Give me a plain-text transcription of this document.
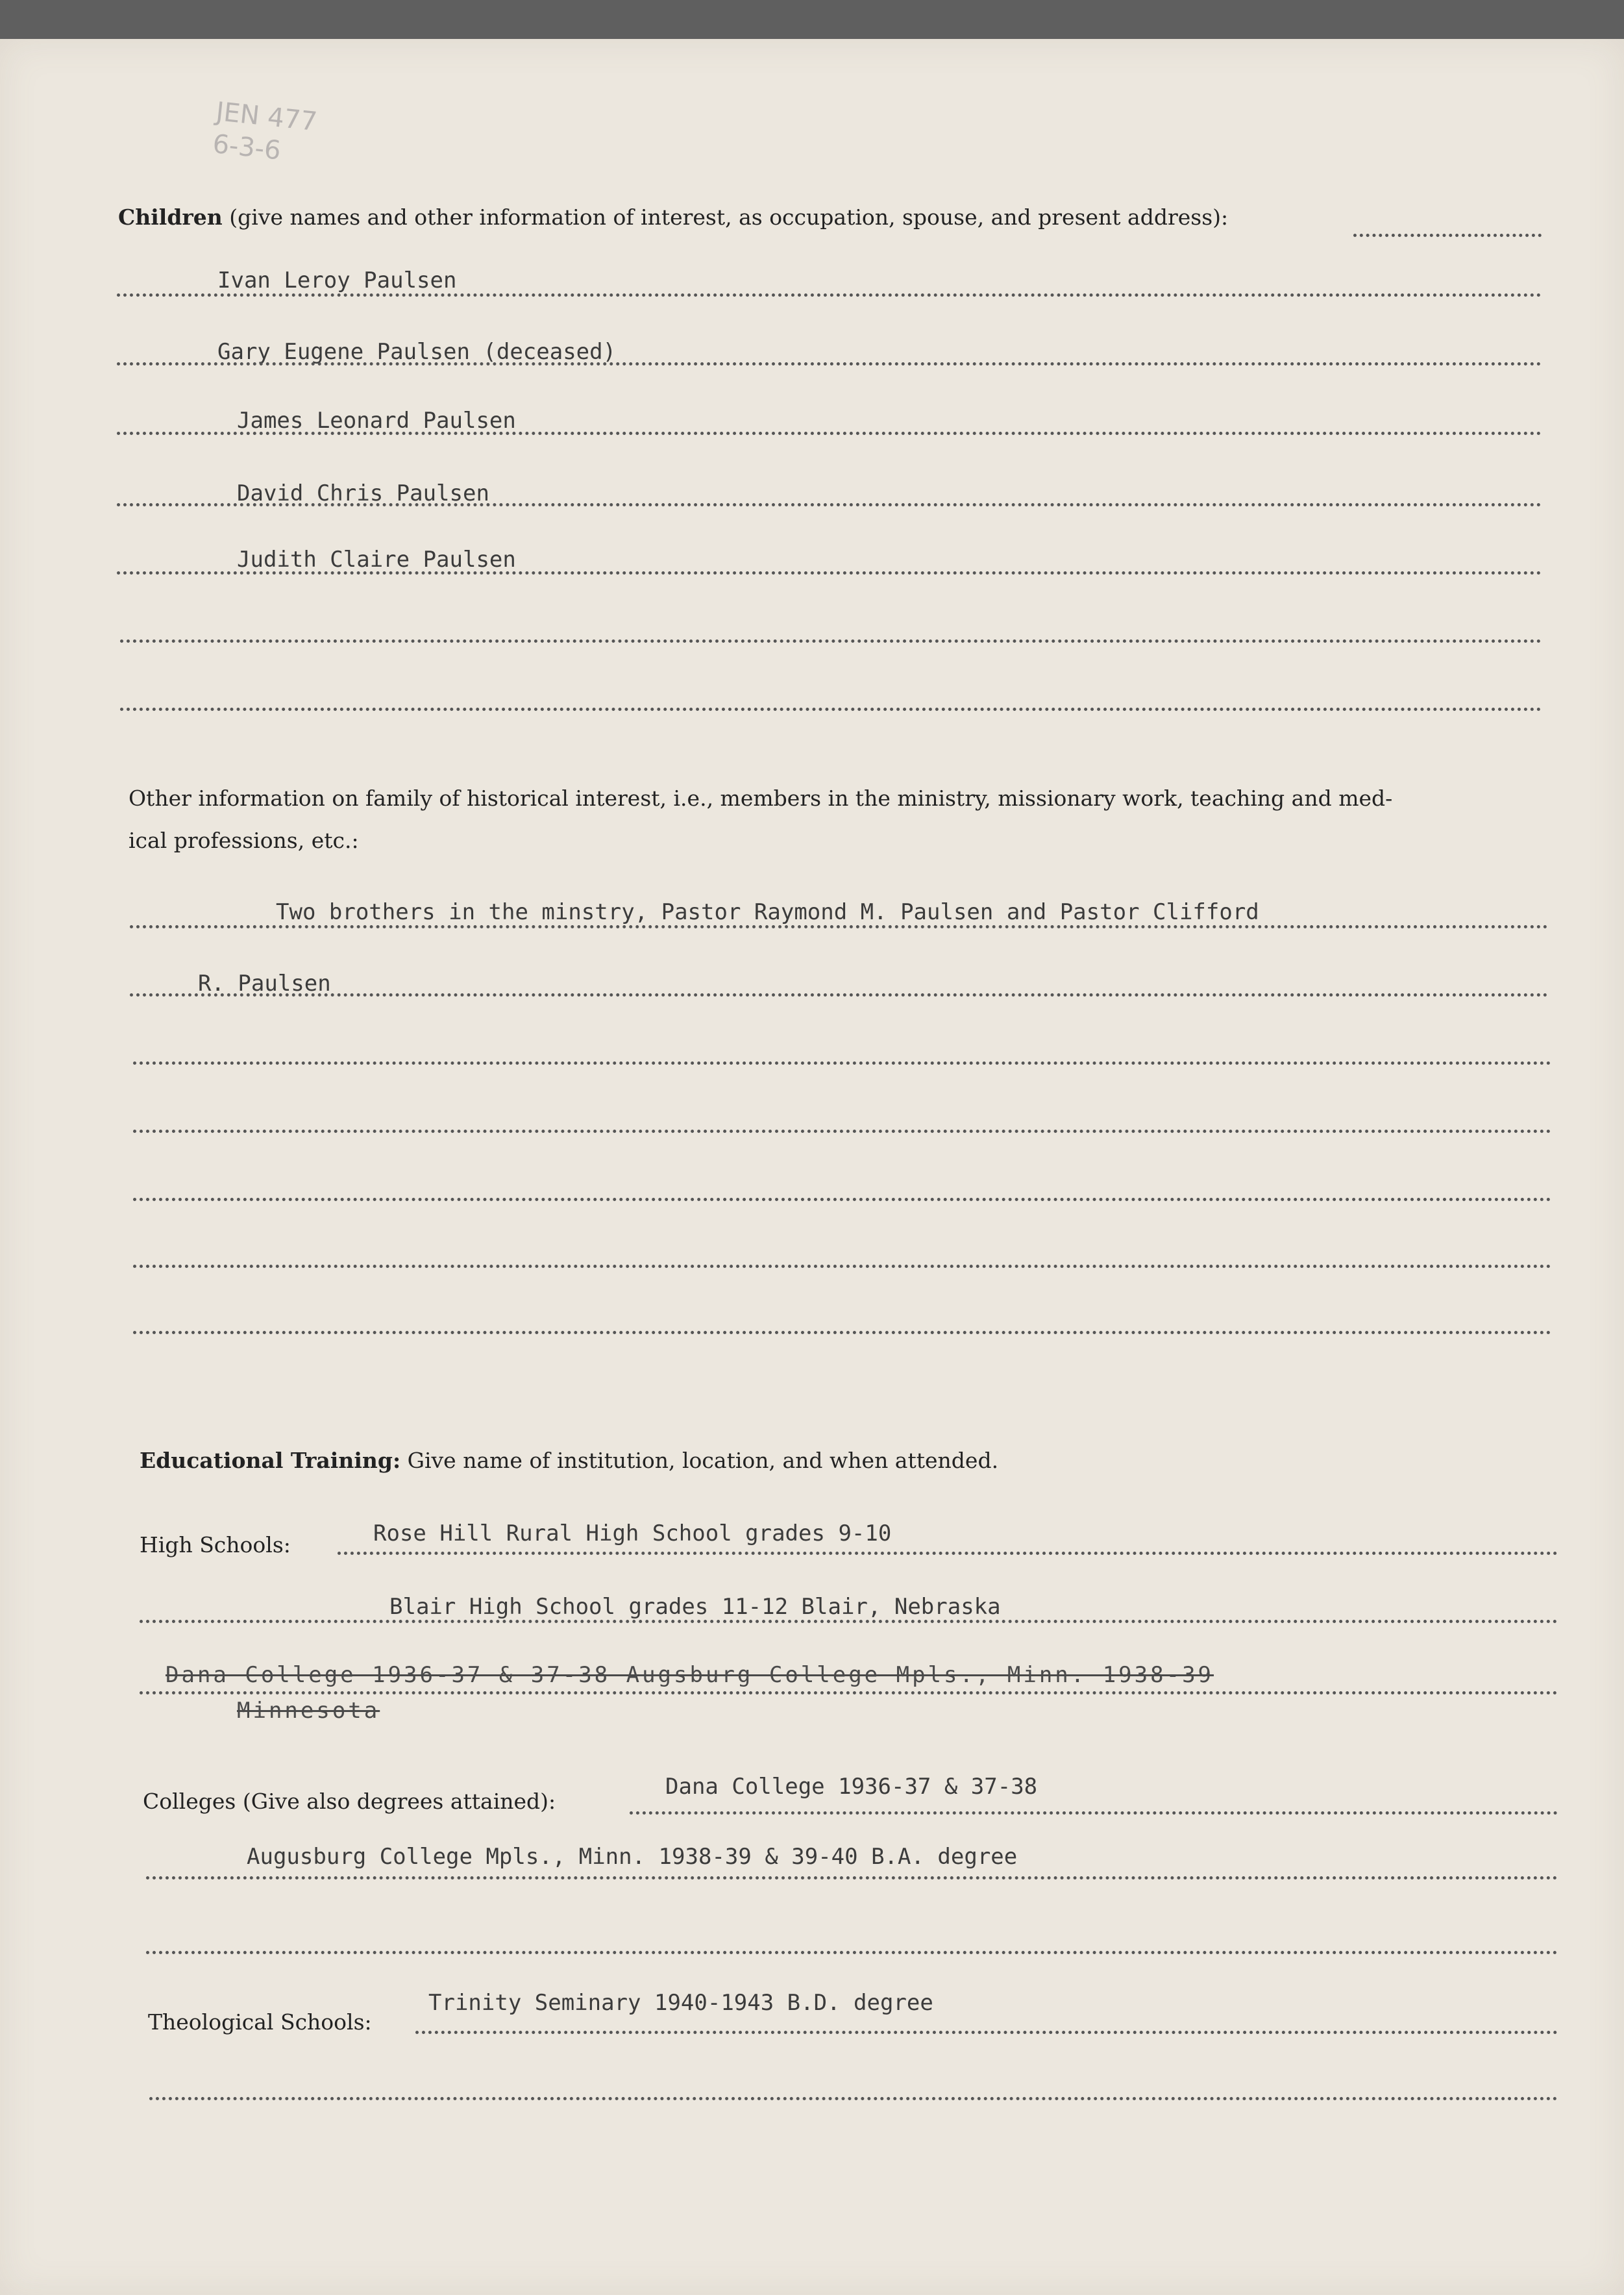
JEN 477
6-3-6
Children (give names and other information of interest, as occupation, spouse, and present address):
Ivan Leroy Paulsen
Gary Eugene Paulsen (deceased)
James Leonard Paulsen
David Chris Paulsen
Judith Claire Paulsen
Other information on family of historical interest, i.e., members in the ministry, missionary work, teaching and med-
ical professions, etc.:
Two brothers in the minstry, Pastor Raymond M. Paulsen and Pastor Clifford
R. Paulsen
Educational Training: Give name of institution, location, and when attended.
High Schools:	Rose Hill Rural High School grades 9-10
Blair High School grades 11-12 Blair, Nebraska
Dana College 1936-37 & 37-38 Augsburg College Mpls., Minn. 1938-39
Minnesota
Colleges (Give also degrees attained):
Dana College 1936-37 & 37-38
Augusburg College Mpls., Minn. 1938-39 & 39-40 B.A. degree
Theological Schools:
Trinity Seminary 1940-1943 B.D. degree
